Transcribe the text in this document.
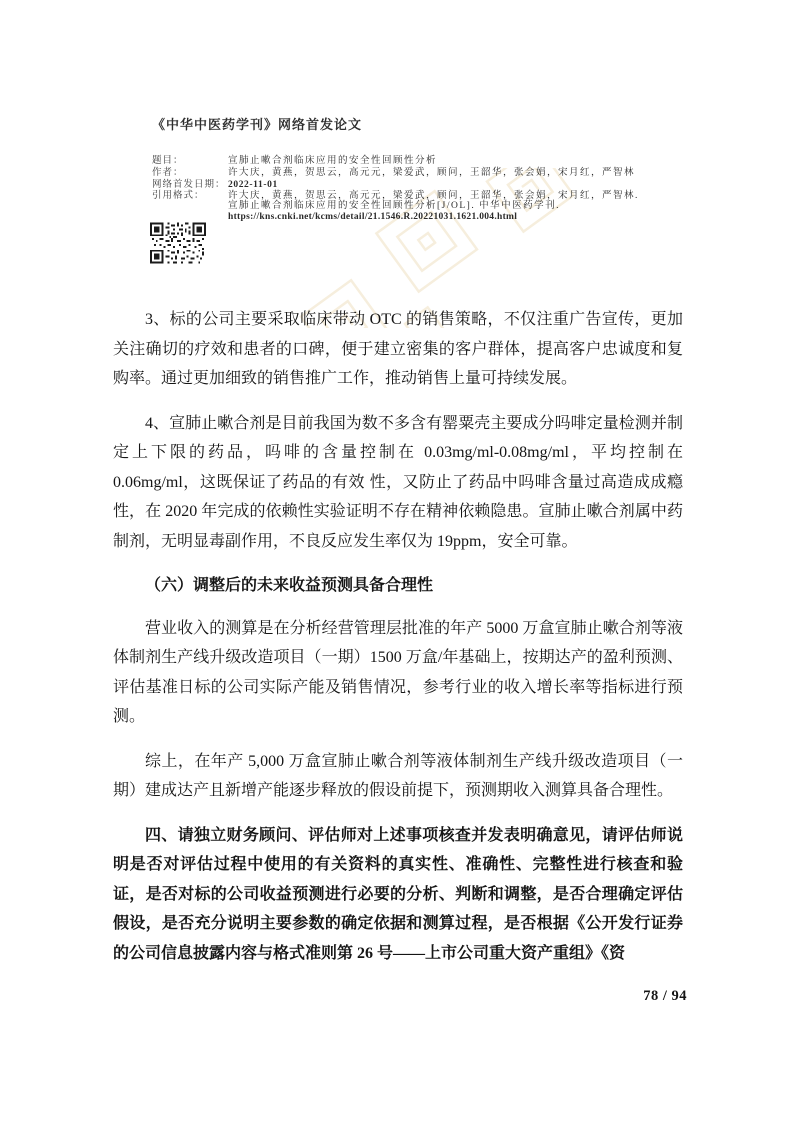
《中华中医药学刊》网络首发论文
题目：	宣肺止嗽合剂临床应用的安全性回顾性分析
作者：	许大庆，黄燕，贺思云，高元元，梁爱武，顾问，王韶华，张会娟，宋月红，严智林
网络首发日期： 2022-11-01
引用格式：	许大庆，黄燕，贺思云，高元元，梁爱武，顾问，王韶华，张会娟，宋月红，严智林. 宣肺止嗽合剂临床应用的安全性回顾性分析[J/OL]. 中华中医药学刊.
https://kns.cnki.net/kcms/detail/21.1546.R.20221031.1621.004.html

3、标的公司主要采取临床带动 OTC 的销售策略，不仅注重广告宣传，更加关注确切的疗效和患者的口碑，便于建立密集的客户群体，提高客户忠诚度和复购率。通过更加细致的销售推广工作，推动销售上量可持续发展。

4、宣肺止嗽合剂是目前我国为数不多含有罂粟壳主要成分吗啡定量检测并制定上下限的药品，吗啡的含量控制在 0.03mg/ml-0.08mg/ml，平均控制在0.06mg/ml，这既保证了药品的有效 性，又防止了药品中吗啡含量过高造成成瘾性，在 2020 年完成的依赖性实验证明不存在精神依赖隐患。宣肺止嗽合剂属中药制剂，无明显毒副作用，不良反应发生率仅为 19ppm，安全可靠。

（六）调整后的未来收益预测具备合理性

营业收入的测算是在分析经营管理层批准的年产 5000 万盒宣肺止嗽合剂等液体制剂生产线升级改造项目（一期）1500 万盒/年基础上，按期达产的盈利预测、评估基准日标的公司实际产能及销售情况，参考行业的收入增长率等指标进行预测。

综上，在年产 5,000 万盒宣肺止嗽合剂等液体制剂生产线升级改造项目（一期）建成达产且新增产能逐步释放的假设前提下，预测期收入测算具备合理性。

四、请独立财务顾问、评估师对上述事项核查并发表明确意见，请评估师说明是否对评估过程中使用的有关资料的真实性、准确性、完整性进行核查和验证，是否对标的公司收益预测进行必要的分析、判断和调整，是否合理确定评估假设，是否充分说明主要参数的确定依据和测算过程，是否根据《公开发行证券的公司信息披露内容与格式准则第 26 号——上市公司重大资产重组》《资

78 / 94
